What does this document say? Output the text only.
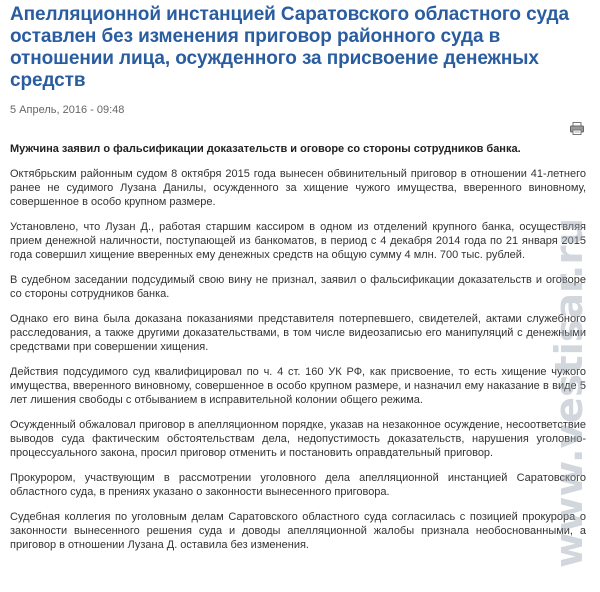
Апелляционной инстанцией Саратовского областного суда оставлен без изменения приговор районного суда в отношении лица, осужденного за присвоение денежных средств
5 Апрель, 2016 - 09:48

Мужчина заявил о фальсификации доказательств и оговоре со стороны сотрудников банка.

Октябрьским районным судом 8 октября 2015 года вынесен обвинительный приговор в отношении 41-летнего ранее не судимого Лузана Данилы, осужденного за хищение чужого имущества, вверенного виновному, совершенное в особо крупном размере.

Установлено, что Лузан Д., работая старшим кассиром в одном из отделений крупного банка, осуществляя прием денежной наличности, поступающей из банкоматов, в период с 4 декабря 2014 года по 21 января 2015 года совершил хищение вверенных ему денежных средств на общую сумму 4 млн. 700 тыс. рублей.

В судебном заседании подсудимый свою вину не признал, заявил о фальсификации доказательств и оговоре со стороны сотрудников банка.

Однако его вина была доказана показаниями представителя потерпевшего, свидетелей, актами служебного расследования, а также другими доказательствами, в том числе видеозаписью его манипуляций с денежными средствами при совершении хищения.

Действия подсудимого суд квалифицировал по ч. 4 ст. 160 УК РФ, как присвоение, то есть хищение чужого имущества, вверенного виновному, совершенное в особо крупном размере, и назначил ему наказание в виде 5 лет лишения свободы с отбыванием в исправительной колонии общего режима.

Осужденный обжаловал приговор в апелляционном порядке, указав на незаконное осуждение, несоответствие выводов суда фактическим обстоятельствам дела, недопустимость доказательств, нарушения уголовно-процессуального закона, просил приговор отменить и постановить оправдательный приговор.

Прокурором, участвующим в рассмотрении уголовного дела апелляционной инстанцией Саратовского областного суда, в прениях указано о законности вынесенного приговора.

Судебная коллегия по уголовным делам Саратовского областного суда согласилась с позицией прокурора о законности вынесенного решения суда и доводы апелляционной жалобы признала необоснованными, а приговор в отношении Лузана Д. оставила без изменения.	www.vestisar.ru
